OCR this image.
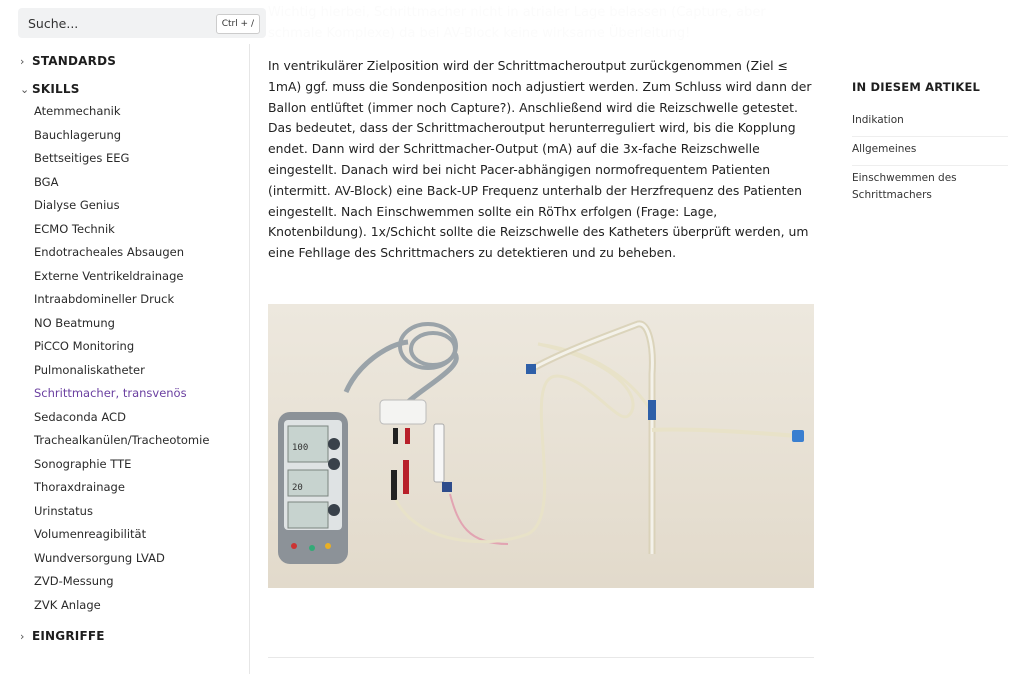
Suche...
Ctrl + /
› STANDARDS
⌄ SKILLS
Atemmechanik
Bauchlagerung
Bettseitiges EEG
BGA
Dialyse Genius
ECMO Technik
Endotracheales Absaugen
Externe Ventrikeldrainage
Intraabdomineller Druck
NO Beatmung
PiCCO Monitoring
Pulmonaliskatheter
Schrittmacher, transvenös
Sedaconda ACD
Trachealkanülen/Tracheotomie
Sonographie TTE
Thoraxdrainage
Urinstatus
Volumenreagibilität
Wundversorgung LVAD
ZVD-Messung
ZVK Anlage
› EINGRIFFE

In ventrikulärer Zielposition wird der Schrittmacheroutput zurückgenommen (Ziel ≤ 1mA) ggf. muss die Sondenposition noch adjustiert werden. Zum Schluss wird dann der Ballon entlüftet (immer noch Capture?). Anschließend wird die Reizschwelle getestet. Das bedeutet, dass der Schrittmacheroutput herunterreguliert wird, bis die Kopplung endet. Dann wird der Schrittmacher-Output (mA) auf die 3x-fache Reizschwelle eingestellt. Danach wird bei nicht Pacer-abhängigen normofrequentem Patienten (intermitt. AV-Block) eine Back-UP Frequenz unterhalb der Herzfrequenz des Patienten eingestellt. Nach Einschwemmen sollte ein RöThx erfolgen (Frage: Lage, Knotenbildung). 1x/Schicht sollte die Reizschwelle des Katheters überprüft werden, um eine Fehllage des Schrittmachers zu detektieren und zu beheben.

100
20
IN DIESEM ARTIKEL
Indikation
Allgemeines
Einschwemmen des Schrittmachers
